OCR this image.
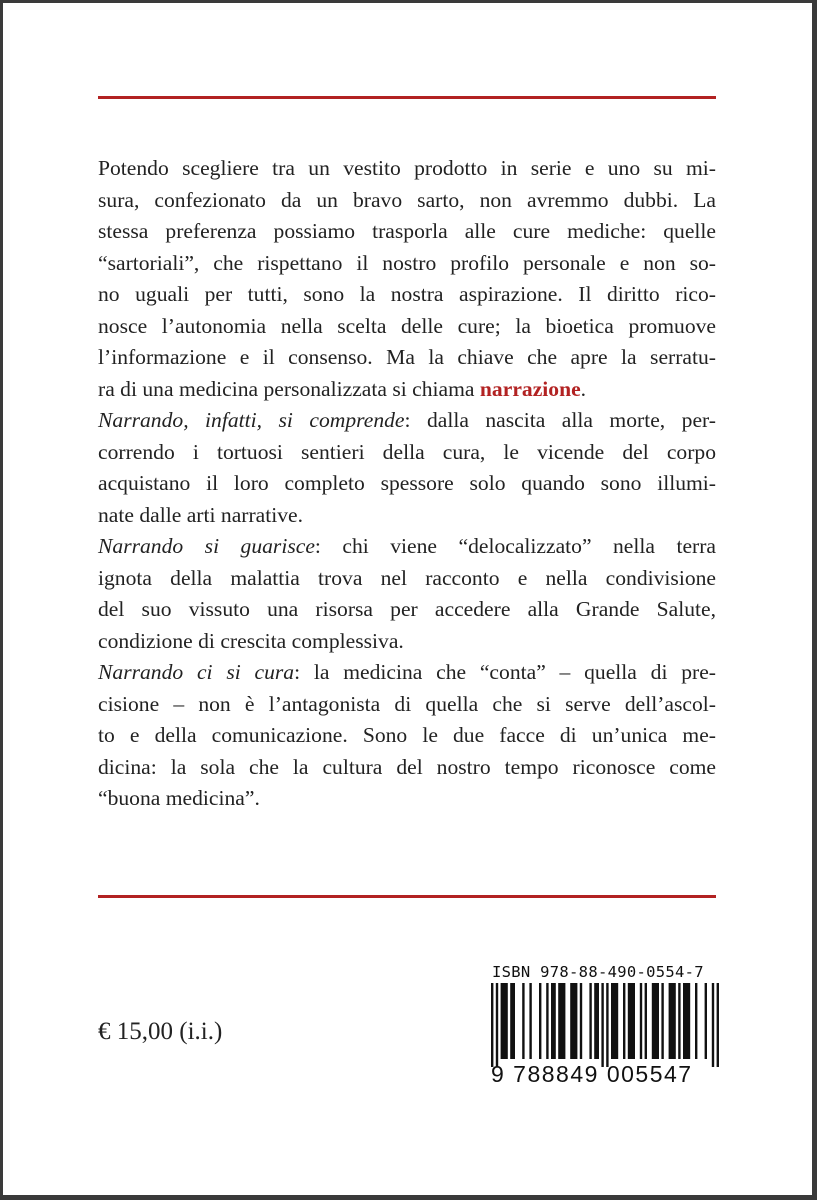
Potendo scegliere tra un vestito prodotto in serie e uno su mi-
sura, confezionato da un bravo sarto, non avremmo dubbi. La
stessa preferenza possiamo trasporla alle cure mediche: quelle
“sartoriali”, che rispettano il nostro profilo personale e non so-
no uguali per tutti, sono la nostra aspirazione. Il diritto rico-
nosce l’autonomia nella scelta delle cure; la bioetica promuove
l’informazione e il consenso. Ma la chiave che apre la serratu-
ra di una medicina personalizzata si chiama narrazione.
Narrando, infatti, si comprende: dalla nascita alla morte, per-
correndo i tortuosi sentieri della cura, le vicende del corpo
acquistano il loro completo spessore solo quando sono illumi-
nate dalle arti narrative.
Narrando si guarisce: chi viene “delocalizzato” nella terra
ignota della malattia trova nel racconto e nella condivisione
del suo vissuto una risorsa per accedere alla Grande Salute,
condizione di crescita complessiva.
Narrando ci si cura: la medicina che “conta” – quella di pre-
cisione – non è l’antagonista di quella che si serve dell’ascol-
to e della comunicazione. Sono le due facce di un’unica me-
dicina: la sola che la cultura del nostro tempo riconosce come
“buona medicina”.
ISBN 978-88-490-0554-7
9 788849 005547
€ 15,00 (i.i.)
